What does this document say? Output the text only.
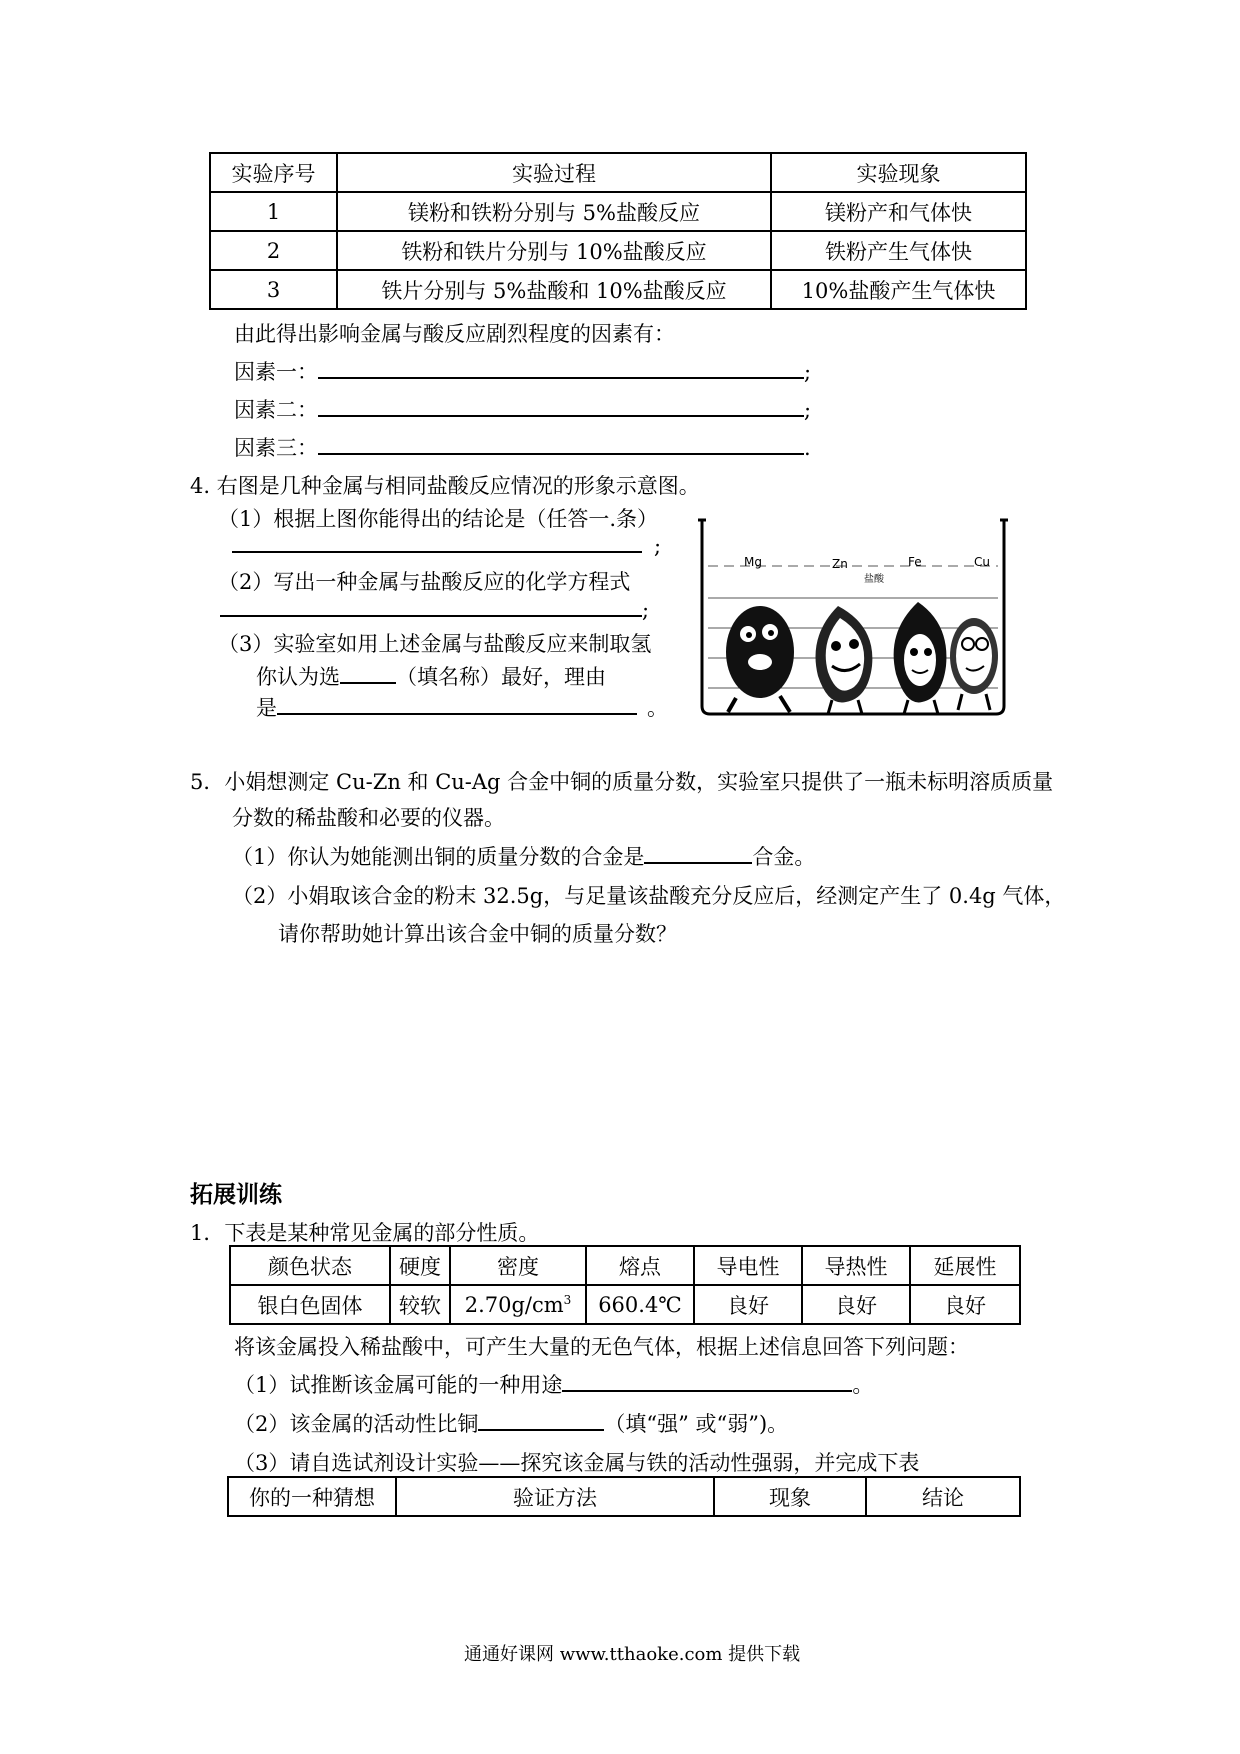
实验序号	实验过程	实验现象
1	镁粉和铁粉分别与 5%盐酸反应	镁粉产和气体快
2	铁粉和铁片分别与 10%盐酸反应	铁粉产生气体快
3	铁片分别与 5%盐酸和 10%盐酸反应	10%盐酸产生气体快
由此得出影响金属与酸反应剧烈程度的因素有：
因素一：	;
因素二：	;
因素三：	.
4. 右图是几种金属与相同盐酸反应情况的形象示意图。
（1）根据上图你能得出的结论是（任答一.条）
;
（2）写出一种金属与盐酸反应的化学方程式
;
（3）实验室如用上述金属与盐酸反应来制取氢
你认为选	（填名称）最好，理由
是	。
Mg	Zn	Fe	Cu
盐酸
5．小娟想测定 Cu-Zn 和 Cu-Ag 合金中铜的质量分数，实验室只提供了一瓶未标明溶质质量
分数的稀盐酸和必要的仪器。
（1）你认为她能测出铜的质量分数的合金是	合金。
（2）小娟取该合金的粉末 32.5g，与足量该盐酸充分反应后，经测定产生了 0.4g 气体，
请你帮助她计算出该合金中铜的质量分数？
拓展训练
1．下表是某种常见金属的部分性质。
颜色状态	硬度	密度	熔点	导电性	导热性	延展性
银白色固体	较软	$2.70g/cm^3$	660.4℃	良好	良好	良好
将该金属投入稀盐酸中，可产生大量的无色气体，根据上述信息回答下列问题：
（1）试推断该金属可能的一种用途	。
（2）该金属的活动性比铜	（填“强” 或“弱”)。
（3）请自选试剂设计实验——探究该金属与铁的活动性强弱，并完成下表
你的一种猜想	验证方法	现象	结论
通通好课网 www.tthaoke.com 提供下载
